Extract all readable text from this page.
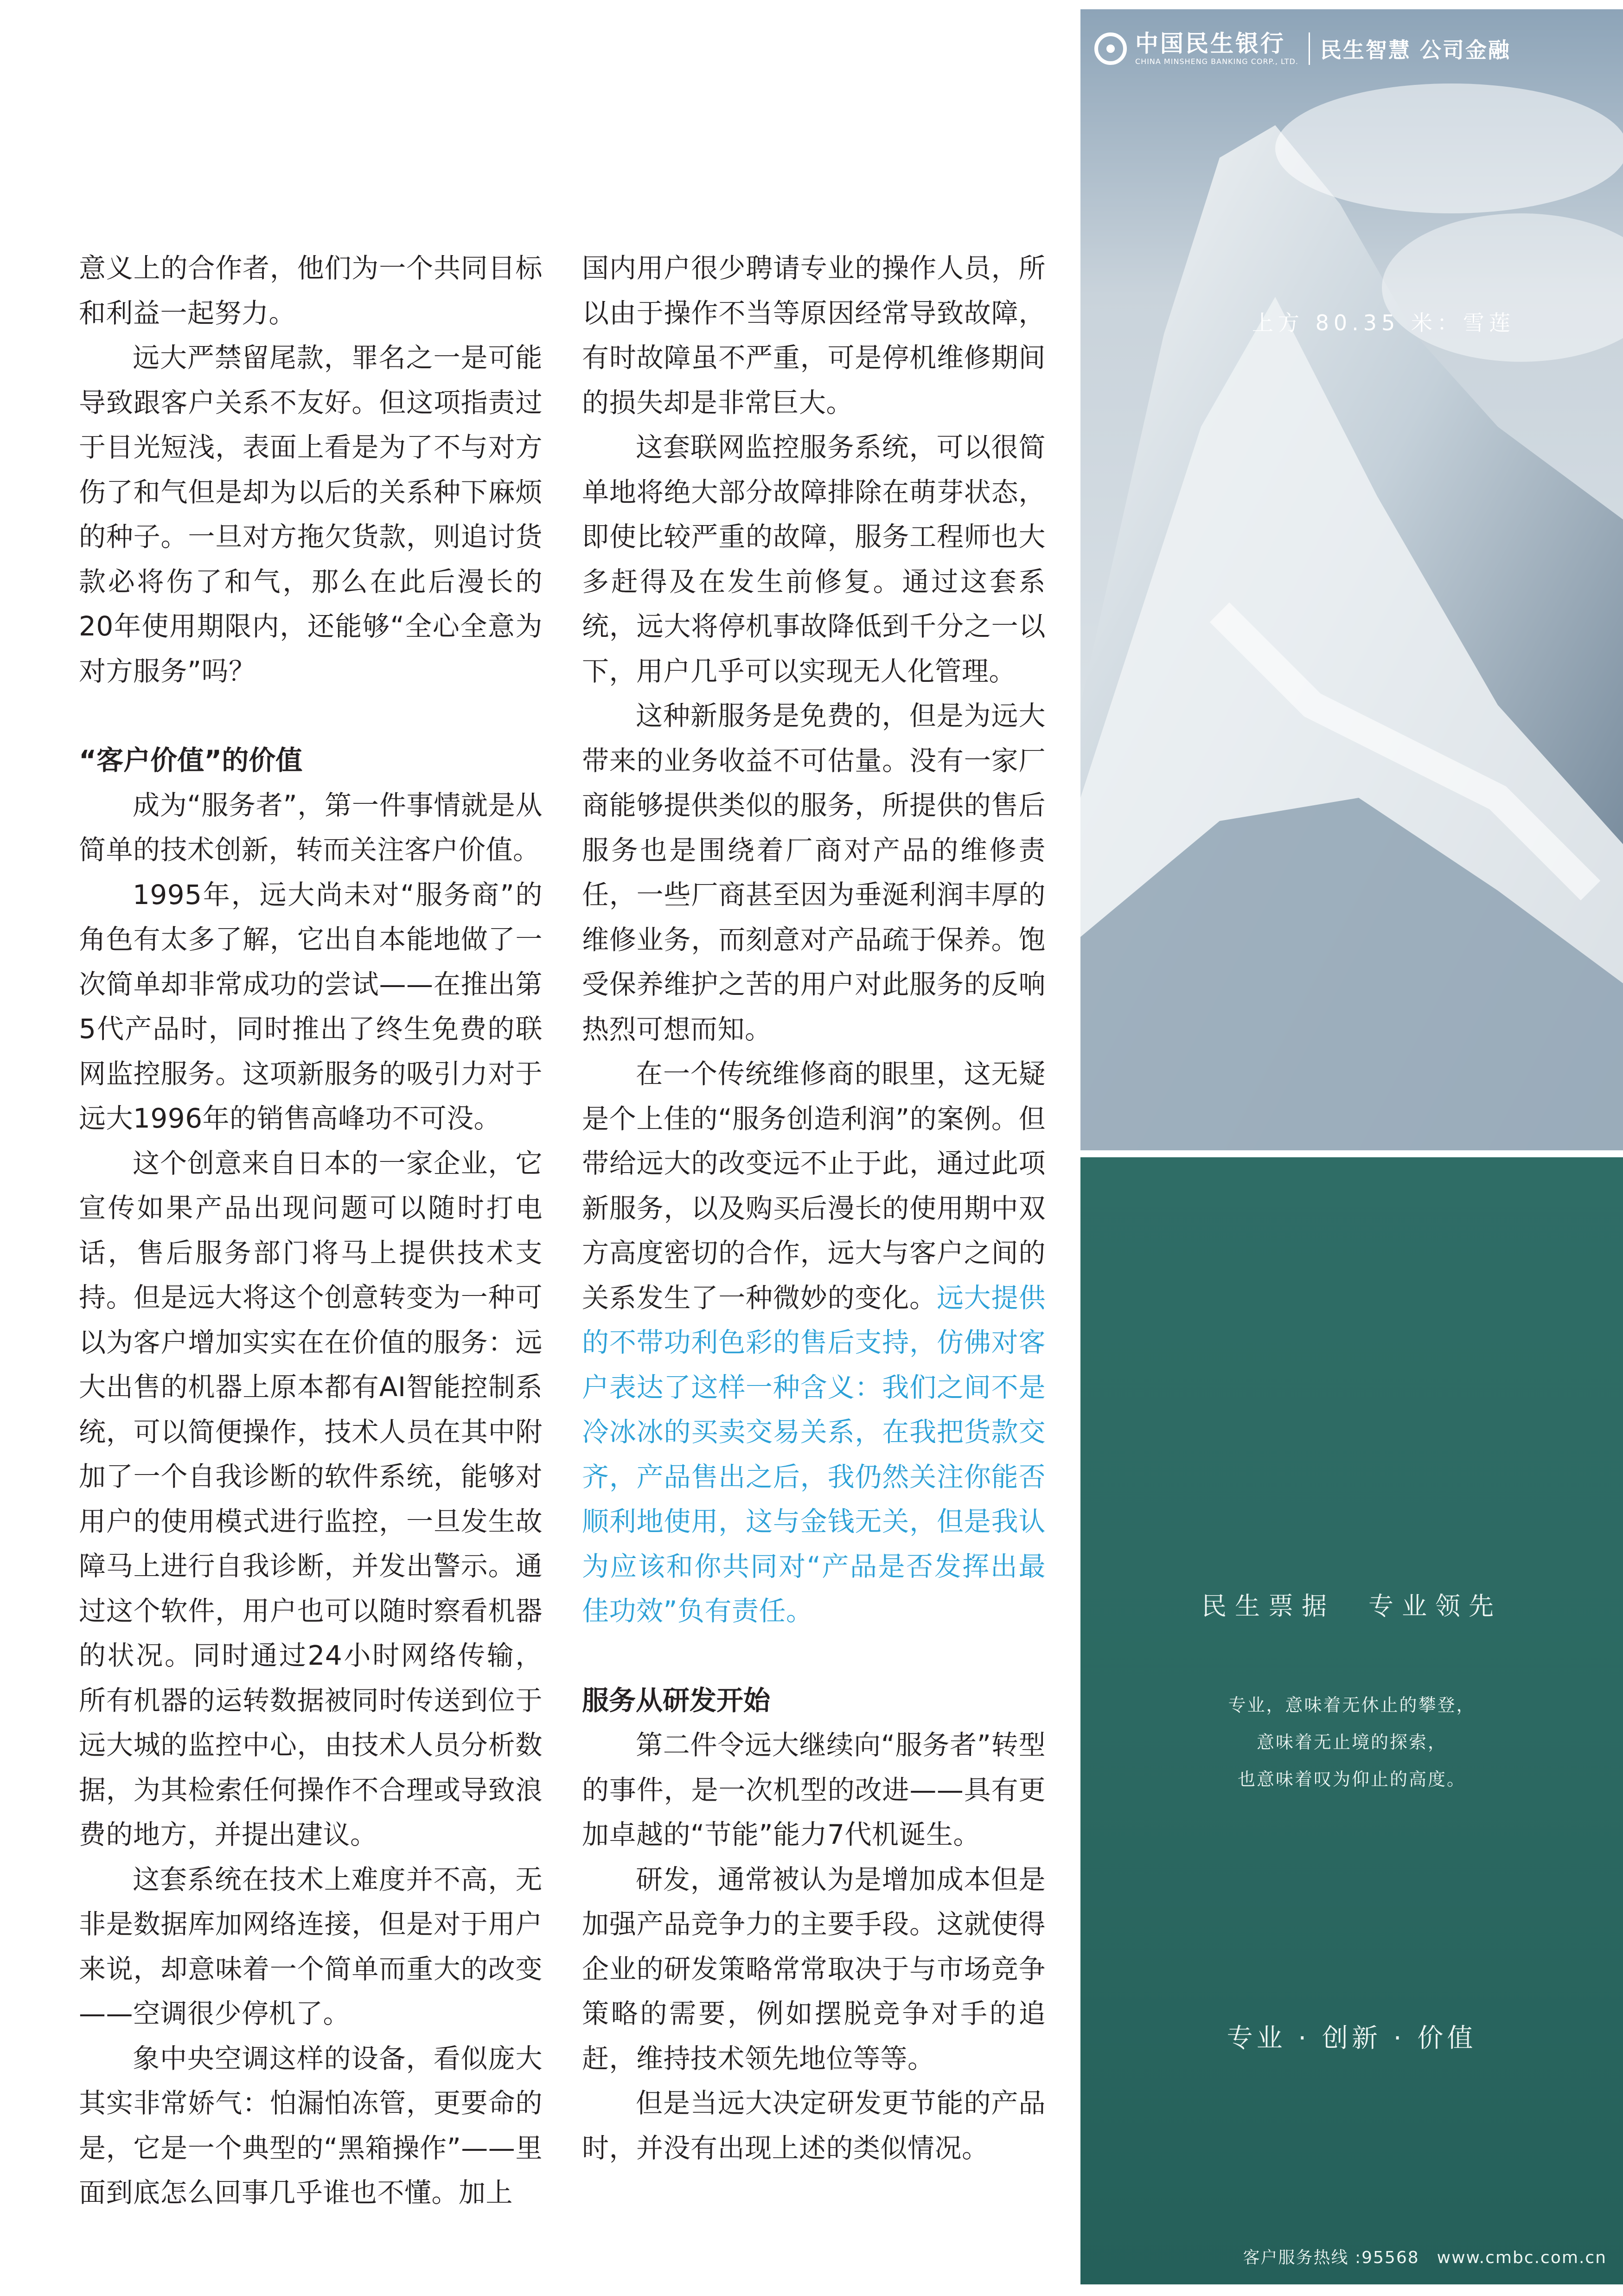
意义上的合作者，他们为一个共同目标和利益一起努力。

远大严禁留尾款，罪名之一是可能导致跟客户关系不友好。但这项指责过于目光短浅，表面上看是为了不与对方伤了和气但是却为以后的关系种下麻烦的种子。一旦对方拖欠货款，则追讨货款必将伤了和气，那么在此后漫长的20年使用期限内，还能够“全心全意为对方服务”吗？

“客户价值”的价值

成为“服务者”，第一件事情就是从简单的技术创新，转而关注客户价值。

1995年，远大尚未对“服务商”的角色有太多了解，它出自本能地做了一次简单却非常成功的尝试——在推出第5代产品时，同时推出了终生免费的联网监控服务。这项新服务的吸引力对于远大1996年的销售高峰功不可没。

这个创意来自日本的一家企业，它宣传如果产品出现问题可以随时打电话，售后服务部门将马上提供技术支持。但是远大将这个创意转变为一种可以为客户增加实实在在价值的服务：远大出售的机器上原本都有AI智能控制系统，可以简便操作，技术人员在其中附加了一个自我诊断的软件系统，能够对用户的使用模式进行监控，一旦发生故障马上进行自我诊断，并发出警示。通过这个软件，用户也可以随时察看机器的状况。同时通过24小时网络传输，所有机器的运转数据被同时传送到位于远大城的监控中心，由技术人员分析数据，为其检索任何操作不合理或导致浪费的地方，并提出建议。

这套系统在技术上难度并不高，无非是数据库加网络连接，但是对于用户来说，却意味着一个简单而重大的改变——空调很少停机了。

象中央空调这样的设备，看似庞大其实非常娇气：怕漏怕冻管，更要命的是，它是一个典型的“黑箱操作”——里面到底怎么回事几乎谁也不懂。加上

国内用户很少聘请专业的操作人员，所以由于操作不当等原因经常导致故障，有时故障虽不严重，可是停机维修期间的损失却是非常巨大。

这套联网监控服务系统，可以很简单地将绝大部分故障排除在萌芽状态，即使比较严重的故障，服务工程师也大多赶得及在发生前修复。通过这套系统，远大将停机事故降低到千分之一以下，用户几乎可以实现无人化管理。

这种新服务是免费的，但是为远大带来的业务收益不可估量。没有一家厂商能够提供类似的服务，所提供的售后服务也是围绕着厂商对产品的维修责任，一些厂商甚至因为垂涎利润丰厚的维修业务，而刻意对产品疏于保养。饱受保养维护之苦的用户对此服务的反响热烈可想而知。

在一个传统维修商的眼里，这无疑是个上佳的“服务创造利润”的案例。但带给远大的改变远不止于此，通过此项新服务，以及购买后漫长的使用期中双方高度密切的合作，远大与客户之间的关系发生了一种微妙的变化。远大提供的不带功利色彩的售后支持，仿佛对客户表达了这样一种含义：我们之间不是冷冰冰的买卖交易关系，在我把货款交齐，产品售出之后，我仍然关注你能否顺利地使用，这与金钱无关，但是我认为应该和你共同对“产品是否发挥出最佳功效”负有责任。

服务从研发开始

第二件令远大继续向“服务者”转型的事件，是一次机型的改进——具有更加卓越的“节能”能力7代机诞生。

研发，通常被认为是增加成本但是加强产品竞争力的主要手段。这就使得企业的研发策略常常取决于与市场竞争策略的需要，例如摆脱竞争对手的追赶，维持技术领先地位等等。

但是当远大决定研发更节能的产品时，并没有出现上述的类似情况。

中国民生银行
CHINA MINSHENG BANKING CORP., LTD. 民生智慧 公司金融
上方 80.35 米：雪莲
民生票据　专业领先
专业，意味着无休止的攀登，
意味着无止境的探索，
也意味着叹为仰止的高度。
专业 · 创新 · 价值
客户服务热线 :95568　www.cmbc.com.cn
